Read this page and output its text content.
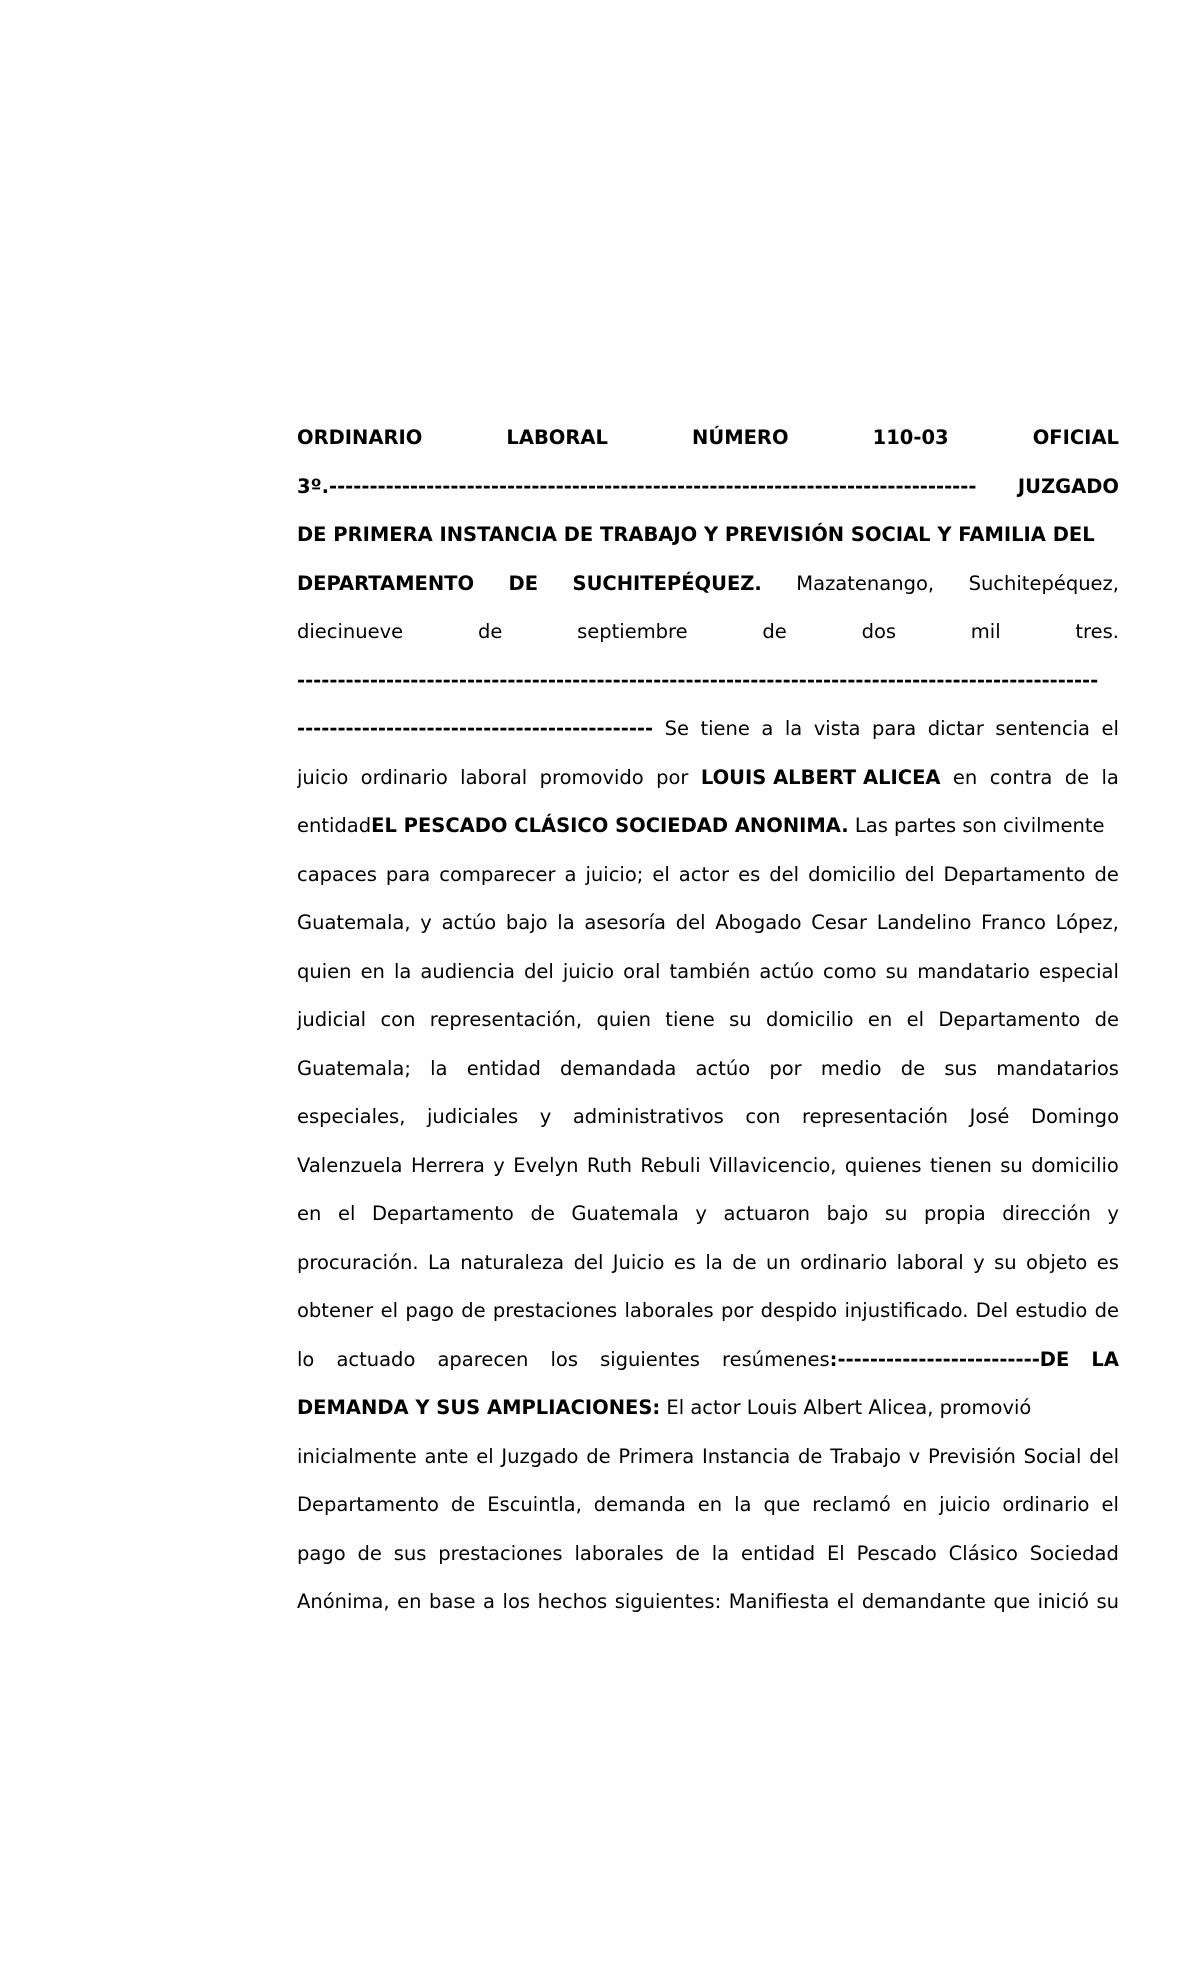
ORDINARIO	LABORAL	NÚMERO	110-03	OFICIAL
3º. --------------------------------------------------------------------------------	JUZGADO
DE PRIMERA INSTANCIA DE TRABAJO Y PREVISIÓN SOCIAL Y FAMILIA DEL
DEPARTAMENTO DE SUCHITEPÉQUEZ. Mazatenango, Suchitepéquez,
diecinueve	de	septiembre	de	dos	mil	tres.
---------------------------------------------------------------------------------------------------
-------------------------------------------- Se tiene a la vista para dictar sentencia el
juicio ordinario laboral promovido por LOUIS ALBERT ALICEA en contra de la
entidad EL PESCADO CLÁSICO SOCIEDAD ANONIMA.
Las partes son civilmente
capaces para comparecer a juicio; el actor es del domicilio del Departamento de
Guatemala, y actúo bajo la asesoría del Abogado Cesar Landelino Franco López,
quien en la audiencia del juicio oral también actúo como su mandatario especial
judicial con representación, quien tiene su domicilio en el Departamento de
Guatemala; la entidad demandada actúo por medio de sus mandatarios
especiales, judiciales y administrativos con representación José Domingo
Valenzuela Herrera y Evelyn Ruth Rebuli Villavicencio, quienes tienen su domicilio
en el Departamento de Guatemala y actuaron bajo su propia dirección y
procuración. La naturaleza del Juicio es la de un ordinario laboral y su objeto es
obtener el pago de prestaciones laborales por despido injustificado. Del estudio de
lo actuado aparecen los siguientes resúmenes:-------------------------DE LA
DEMANDA Y SUS AMPLIACIONES:
El actor Louis Albert Alicea, promovió
inicialmente ante el Juzgado de Primera Instancia de Trabajo v Previsión Social del
Departamento de Escuintla, demanda en la que reclamó en juicio ordinario el
pago de sus prestaciones laborales de la entidad El Pescado Clásico Sociedad
Anónima, en base a los hechos siguientes: Manifiesta el demandante que inició su
